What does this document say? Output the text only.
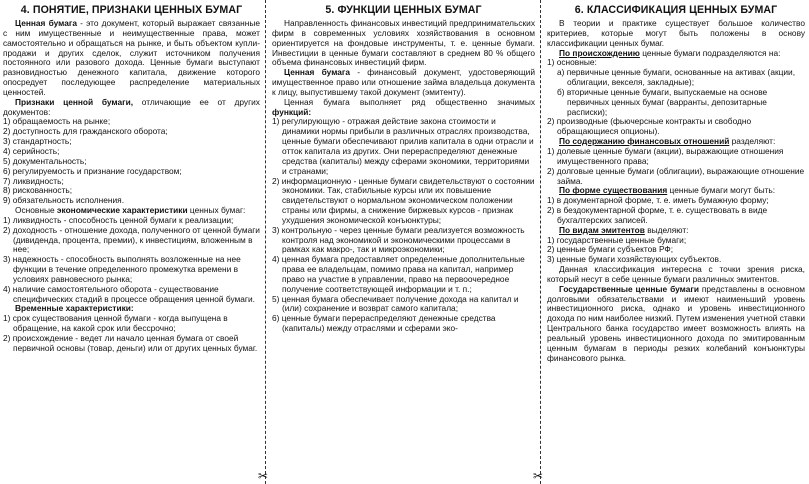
✂	✂
4. ПОНЯТИЕ, ПРИЗНАКИ ЦЕННЫХ БУМАГ

Ценная бумага - это документ, который выражает связанные с ним имущественные и неимущественные права, может самостоятельно и обращаться на рынке, и быть объектом купли-продажи и других сделок, служит источником получения постоянного или разового дохода. Ценные бумаги выступают разновидностью денежного капитала, движение которого опосредует последующее распределение материальных ценностей.

Признаки ценной бумаги, отличающие ее от других документов:

1) обращаемость на рынке;

2) доступность для гражданского оборота;

3) стандартность;

4) серийность;

5) документальность;

6) регулируемость и признание государством;

7) ликвидность;

8) рискованность;

9) обязательность исполнения.

Основные экономические характеристики ценных бумаг:

1) ликвидность - способность ценной бумаги к реализации;

2) доходность - отношение дохода, полученного от ценной бумаги (дивиденда, процента, премии), к инвестициям, вложенным в нее;

3) надежность - способность выполнять возложенные на нее функции в течение определенного промежутка времени в условиях равновесного рынка;

4) наличие самостоятельного оборота - существование специфических стадий в процессе обращения ценной бумаги.

Временные характеристики:

1) срок существования ценной бумаги - когда выпущена в обращение, на какой срок или бессрочно;

2) происхождение - ведет ли начало ценная бумага от своей первичной основы (товар, деньги) или от других ценных бумаг.

5. ФУНКЦИИ ЦЕННЫХ БУМАГ

Направленность финансовых инвестиций предпринимательских фирм в современных условиях хозяйствования в основном ориентируется на фондовые инструменты, т. е. ценные бумаги. Инвестиции в ценные бумаги составляют в среднем 80 % общего объема финансовых инвестиций фирм.

Ценная бумага - финансовый документ, удостоверяющий имущественное право или отношение займа владельца документа к лицу, выпустившему такой документ (эмитенту).

Ценная бумага выполняет ряд общественно значимых функций:

1) регулирующую - отражая действие закона стоимости и динамики нормы прибыли в различных отраслях производства, ценные бумаги обеспечивают прилив капитала в одни отрасли и отток капитала из других. Они перераспределяют денежные средства (капиталы) между сферами экономики, территориями и странами;

2) информационную - ценные бумаги свидетельствуют о состоянии экономики. Так, стабильные курсы или их повышение свидетельствуют о нормальном экономическом положении страны или фирмы, а снижение биржевых курсов - признак ухудшения экономической конъюнктуры;

3) контрольную - через ценные бумаги реализуется возможность контроля над экономикой и экономическими процессами в рамках как макро-, так и микроэкономики;

4) ценная бумага предоставляет определенные дополнительные права ее владельцам, помимо права на капитал, например право на участие в управлении, право на первоочередное получение соответствующей информации и т. п.;

5) ценная бумага обеспечивает получение дохода на капитал и (или) сохранение и возврат самого капитала;

6) ценные бумаги перераспределяют денежные средства (капиталы) между отраслями и сферами эко-

6. КЛАССИФИКАЦИЯ ЦЕННЫХ БУМАГ

В теории и практике существует большое количество критериев, которые могут быть положены в основу классификации ценных бумаг.

По происхождению ценные бумаги подразделяются на:

1) основные:

а) первичные ценные бумаги, основанные на активах (акции, облигации, векселя, закладные);

б) вторичные ценные бумаги, выпускаемые на основе первичных ценных бумаг (варранты, депозитарные расписки);

2) производные (фьючерсные контракты и свободно обращающиеся опционы).

По содержанию финансовых отношений разделяют:

1) долевые ценные бумаги (акции), выражающие отношения имущественного права;

2) долговые ценные бумаги (облигации), выражающие отношение займа.

По форме существования ценные бумаги могут быть:

1) в документарной форме, т. е. иметь бумажную форму;

2) в бездокументарной форме, т. е. существовать в виде бухгалтерских записей.

По видам эмитентов выделяют:

1) государственные ценные бумаги;

2) ценные бумаги субъектов РФ;

3) ценные бумаги хозяйствующих субъектов.

Данная классификация интересна с точки зрения риска, который несут в себе ценные бумаги различных эмитентов.

Государственные ценные бумаги представлены в основном долговыми обязательствами и имеют наименьший уровень инвестиционного риска, однако и уровень инвестиционного дохода по ним наиболее низкий. Путем изменения учетной ставки Центрального банка государство имеет возможность влиять на реальный уровень инвестиционного дохода по эмитированным ценным бумагам в периоды резких колебаний конъюнктуры финансового рынка.
